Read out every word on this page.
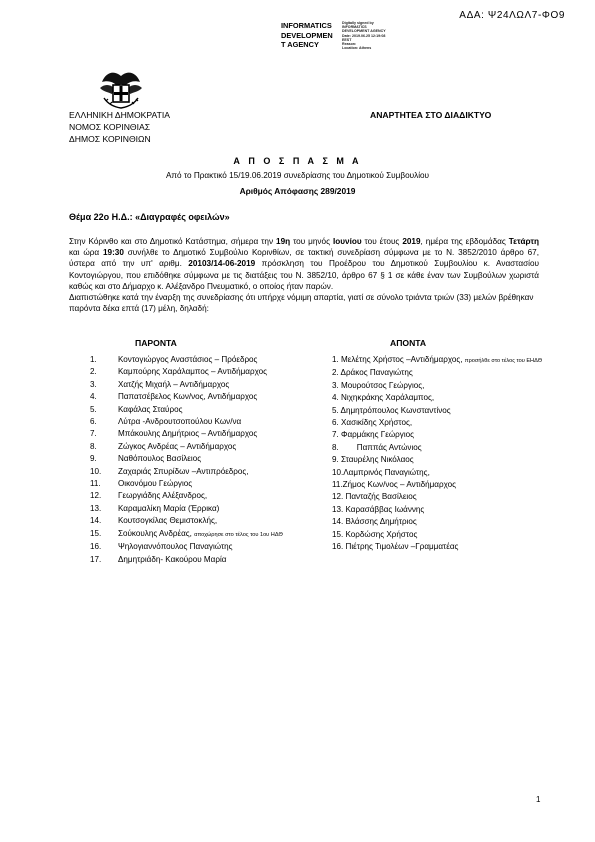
ΑΔΑ: Ψ24ΛΩΛ7-ΦΟ9
INFORMATICS
DEVELOPMEN
T AGENCY
Digitally signed by
INFORMATICS
DEVELOPMENT AGENCY
Date: 2019.06.25 12:19:08
EEST
Reason:
Location: Athens
ΕΛΛΗΝΙΚΗ ΔΗΜΟΚΡΑΤΙΑ
ΝΟΜΟΣ ΚΟΡΙΝΘΙΑΣ
ΔΗΜΟΣ ΚΟΡΙΝΘΙΩΝ
ΑΝΑΡΤΗΤΕΑ ΣΤΟ ΔΙΑΔΙΚΤΥΟ
Α Π Ο Σ Π Α Σ Μ Α
Από το Πρακτικό 15/19.06.2019 συνεδρίασης του Δημοτικού Συμβουλίου
Αριθμός Απόφασης 289/2019
Θέμα 22ο Η.Δ.: «Διαγραφές οφειλών»
Στην Κόρινθο και στο Δημοτικό Κατάστημα, σήμερα την 19η του μηνός Ιουνίου του έτους 2019, ημέρα της εβδομάδας Τετάρτη και ώρα 19:30 συνήλθε το Δημοτικό Συμβούλιο Κορινθίων, σε τακτική συνεδρίαση σύμφωνα με το Ν. 3852/2010 άρθρο 67, ύστερα από την υπ' αριθμ. 20103/14-06-2019 πρόσκληση του Προέδρου του Δημοτικού Συμβουλίου κ. Αναστασίου Κοντογιώργου, που επιδόθηκε σύμφωνα με τις διατάξεις του Ν. 3852/10, άρθρο 67 § 1 σε κάθε έναν των Συμβούλων χωριστά καθώς και στο Δήμαρχο κ. Αλέξανδρο Πνευματικό, ο οποίος ήταν παρών.
Διαπιστώθηκε κατά την έναρξη της συνεδρίασης ότι υπήρχε νόμιμη απαρτία, γιατί σε σύνολο τριάντα τριών (33) μελών βρέθηκαν παρόντα δέκα επτά (17) μέλη, δηλαδή:
ΠΑΡΟΝΤΑ	ΑΠΟΝΤΑ
1.	Κοντογιώργος Αναστάσιος – Πρόεδρος
2.	Καμπούρης Χαράλαμπος – Αντιδήμαρχος
3.	Χατζής Μιχαήλ – Αντιδήμαρχος
4.	Παπατσέβελος Κων/νος, Αντιδήμαρχος
5.	Καφάλας Σταύρος
6.	Λύτρα -Ανδρουτσοπούλου Κων/να
7.	Μπάκουλης Δημήτριος – Αντιδήμαρχος
8.	Ζώγκος Ανδρέας – Αντιδήμαρχος
9.	Ναθόπουλος Βασίλειος
10.	Ζαχαριάς Σπυρίδων –Αντιπρόεδρος,
11.	Οικονόμου Γεώργιος
12.	Γεωργιάδης Αλέξανδρος,
13.	Καραμαλίκη Μαρία (Έρρικα)
14.	Κουτσογκίλας Θεμιστοκλής,
15.	Σούκουλης Ανδρέας, αποχώρησε στο τέλος του 1ου ΗΔΘ
16.	Ψηλογιαννόπουλος Παναγιώτης
17.	Δημητριάδη- Κακούρου Μαρία
1. Μελέτης Χρήστος –Αντιδήμαρχος, προσήλθε στο τέλος του ΕΗΔΘ
2. Δράκος Παναγιώτης
3. Μουρούτσος Γεώργιος,
4. Νιχηκράκης Χαράλαμπος,
5. Δημητρόπουλος Κωνσταντίνος
6. Χασικίδης Χρήστος,
7. Φαρμάκης Γεώργιος
8.        Παππάς Αντώνιος
9. Σταυρέλης Νικόλαος
10.Λαμπρινός Παναγιώτης,
11.Ζήμος Κων/νος – Αντιδήμαρχος
12. Πανταζής Βασίλειος
13. Καρασάββας Ιωάννης
14. Βλάσσης Δημήτριος
15. Κορδώσης Χρήστος
16. Πιέτρης Τιμολέων –Γραμματέας
1
